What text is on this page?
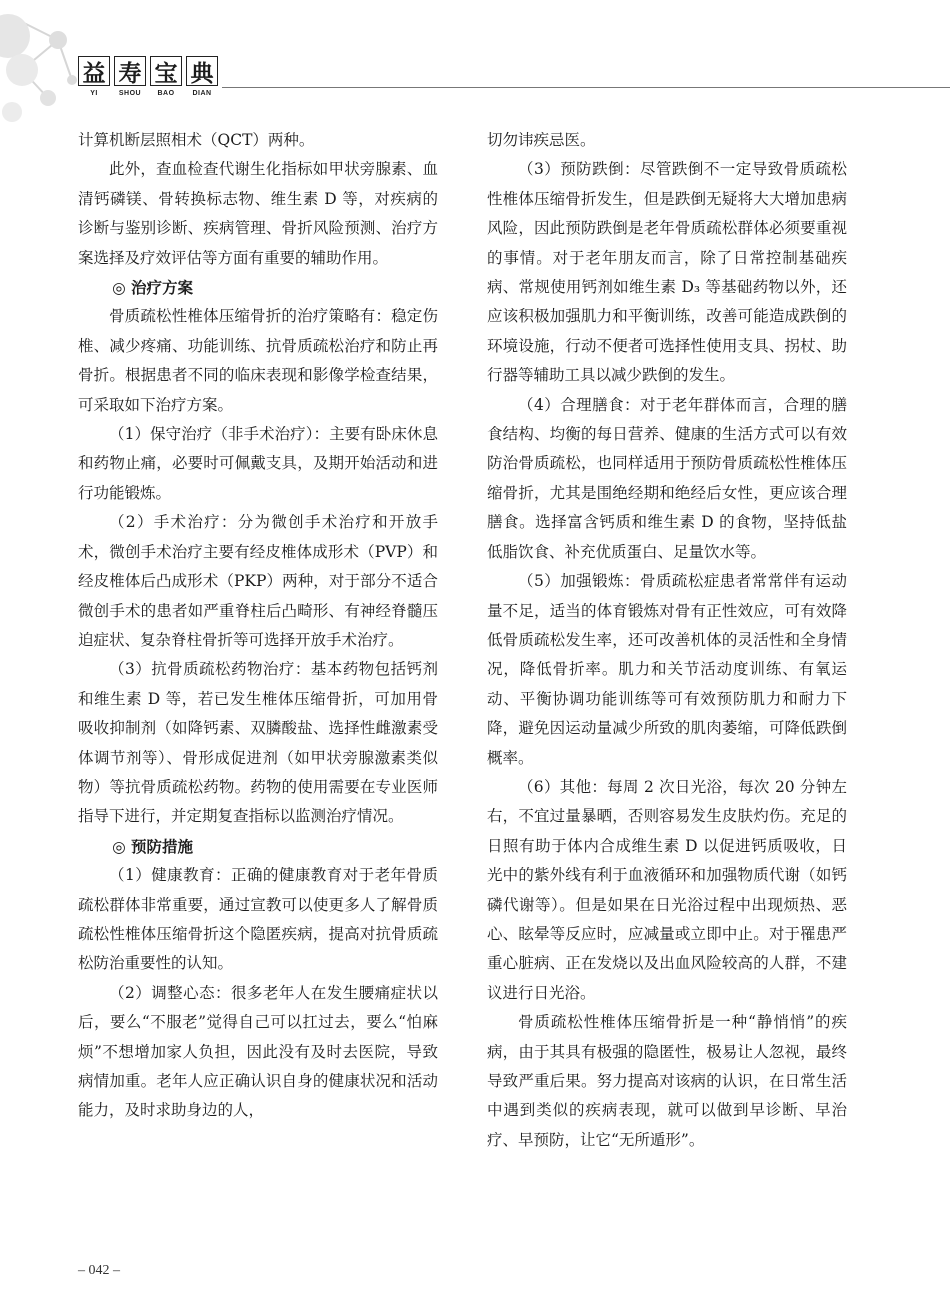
益 寿 宝 典
YI	SHOU	BAO	DIAN

计算机断层照相术（QCT）两种。

此外，查血检查代谢生化指标如甲状旁腺素、血清钙磷镁、骨转换标志物、维生素 D 等，对疾病的诊断与鉴别诊断、疾病管理、骨折风险预测、治疗方案选择及疗效评估等方面有重要的辅助作用。

◎ 治疗方案

骨质疏松性椎体压缩骨折的治疗策略有：稳定伤椎、减少疼痛、功能训练、抗骨质疏松治疗和防止再骨折。根据患者不同的临床表现和影像学检查结果，可采取如下治疗方案。

（1）保守治疗（非手术治疗）：主要有卧床休息和药物止痛，必要时可佩戴支具，及期开始活动和进行功能锻炼。

（2）手术治疗：分为微创手术治疗和开放手术，微创手术治疗主要有经皮椎体成形术（PVP）和经皮椎体后凸成形术（PKP）两种，对于部分不适合微创手术的患者如严重脊柱后凸畸形、有神经脊髓压迫症状、复杂脊柱骨折等可选择开放手术治疗。

（3）抗骨质疏松药物治疗：基本药物包括钙剂和维生素 D 等，若已发生椎体压缩骨折，可加用骨吸收抑制剂（如降钙素、双膦酸盐、选择性雌激素受体调节剂等）、骨形成促进剂（如甲状旁腺激素类似物）等抗骨质疏松药物。药物的使用需要在专业医师指导下进行，并定期复查指标以监测治疗情况。

◎ 预防措施

（1）健康教育：正确的健康教育对于老年骨质疏松群体非常重要，通过宣教可以使更多人了解骨质疏松性椎体压缩骨折这个隐匿疾病，提高对抗骨质疏松防治重要性的认知。

（2）调整心态：很多老年人在发生腰痛症状以后，要么“不服老”觉得自己可以扛过去，要么“怕麻烦”不想增加家人负担，因此没有及时去医院，导致病情加重。老年人应正确认识自身的健康状况和活动能力，及时求助身边的人，

切勿讳疾忌医。

（3）预防跌倒：尽管跌倒不一定导致骨质疏松性椎体压缩骨折发生，但是跌倒无疑将大大增加患病风险，因此预防跌倒是老年骨质疏松群体必须要重视的事情。对于老年朋友而言，除了日常控制基础疾病、常规使用钙剂如维生素 D₃ 等基础药物以外，还应该积极加强肌力和平衡训练，改善可能造成跌倒的环境设施，行动不便者可选择性使用支具、拐杖、助行器等辅助工具以减少跌倒的发生。

（4）合理膳食：对于老年群体而言，合理的膳食结构、均衡的每日营养、健康的生活方式可以有效防治骨质疏松，也同样适用于预防骨质疏松性椎体压缩骨折，尤其是围绝经期和绝经后女性，更应该合理膳食。选择富含钙质和维生素 D 的食物，坚持低盐低脂饮食、补充优质蛋白、足量饮水等。

（5）加强锻炼：骨质疏松症患者常常伴有运动量不足，适当的体育锻炼对骨有正性效应，可有效降低骨质疏松发生率，还可改善机体的灵活性和全身情况，降低骨折率。肌力和关节活动度训练、有氧运动、平衡协调功能训练等可有效预防肌力和耐力下降，避免因运动量减少所致的肌肉萎缩，可降低跌倒概率。

（6）其他：每周 2 次日光浴，每次 20 分钟左右，不宜过量暴晒，否则容易发生皮肤灼伤。充足的日照有助于体内合成维生素 D 以促进钙质吸收，日光中的紫外线有利于血液循环和加强物质代谢（如钙磷代谢等）。但是如果在日光浴过程中出现烦热、恶心、眩晕等反应时，应减量或立即中止。对于罹患严重心脏病、正在发烧以及出血风险较高的人群，不建议进行日光浴。

骨质疏松性椎体压缩骨折是一种“静悄悄”的疾病，由于其具有极强的隐匿性，极易让人忽视，最终导致严重后果。努力提高对该病的认识，在日常生活中遇到类似的疾病表现，就可以做到早诊断、早治疗、早预防，让它“无所遁形”。

– 042 –
